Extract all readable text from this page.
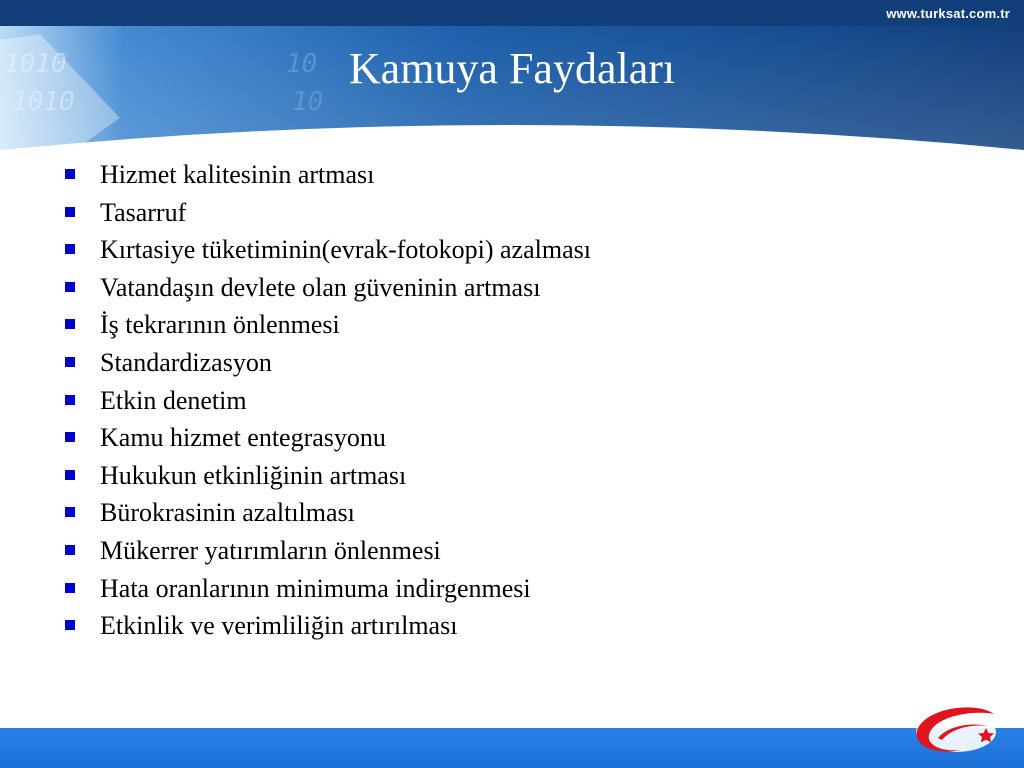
1010
1010
10
10
www.turksat.com.tr
Kamuya Faydaları
Hizmet kalitesinin artması
Tasarruf
Kırtasiye tüketiminin(evrak-fotokopi) azalması
Vatandaşın devlete olan güveninin artması
İş tekrarının önlenmesi
Standardizasyon
Etkin denetim
Kamu hizmet entegrasyonu
Hukukun etkinliğinin artması
Bürokrasinin azaltılması
Mükerrer yatırımların önlenmesi
Hata oranlarının minimuma indirgenmesi
Etkinlik ve verimliliğin artırılması
